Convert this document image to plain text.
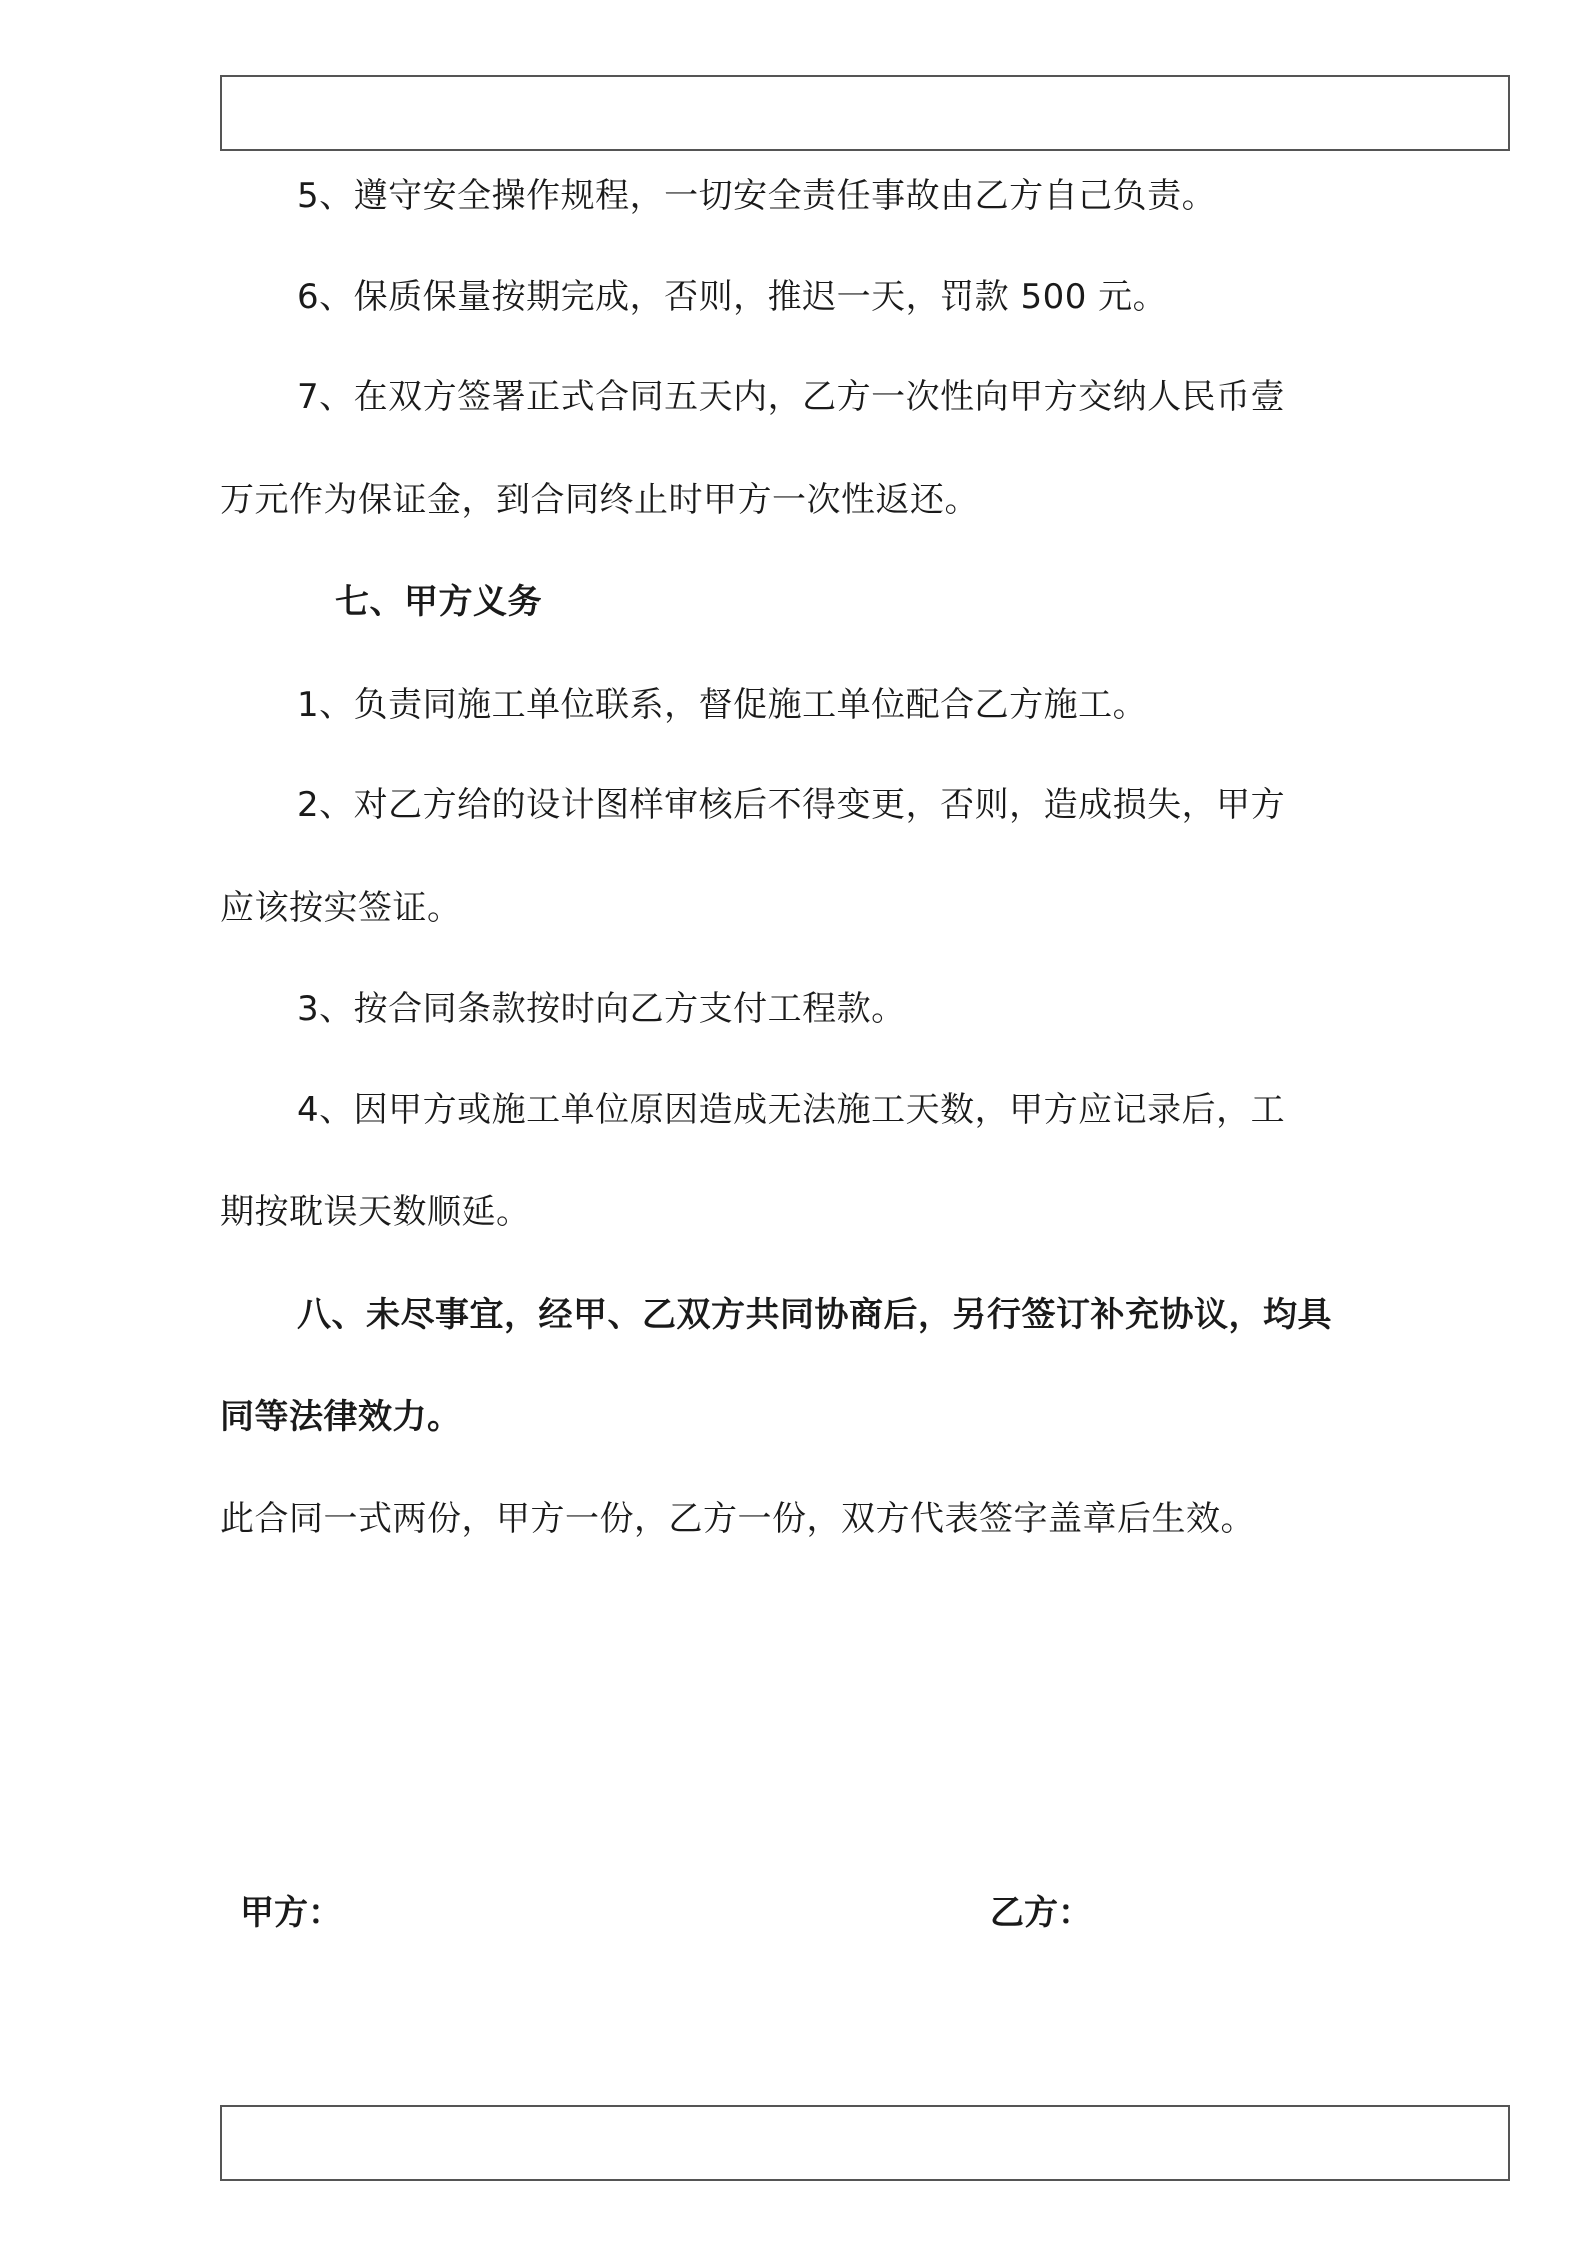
5、遵守安全操作规程，一切安全责任事故由乙方自己负责。
6、保质保量按期完成，否则，推迟一天，罚款 500 元。
7、在双方签署正式合同五天内，乙方一次性向甲方交纳人民币壹
万元作为保证金，到合同终止时甲方一次性返还。
七、甲方义务
1、负责同施工单位联系，督促施工单位配合乙方施工。
2、对乙方给的设计图样审核后不得变更，否则，造成损失，甲方
应该按实签证。
3、按合同条款按时向乙方支付工程款。
4、因甲方或施工单位原因造成无法施工天数，甲方应记录后，工
期按耽误天数顺延。
八、未尽事宜，经甲、乙双方共同协商后，另行签订补充协议，均具
同等法律效力。
此合同一式两份，甲方一份，乙方一份，双方代表签字盖章后生效。
甲方：	乙方：
